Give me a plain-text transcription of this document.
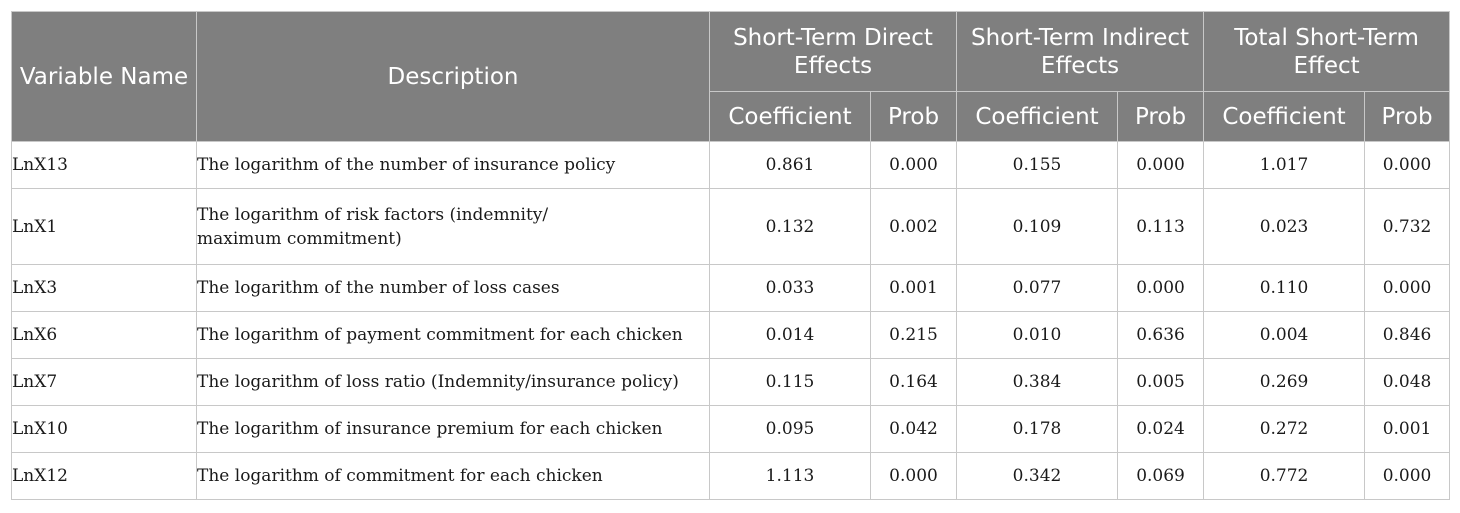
Variable Name	Description	Short-Term Direct Effects		Short-Term Indirect Effects		Total Short-Term Effect	
		Coefficient	Prob	Coefficient	Prob	Coefficient	Prob
LnX13	The logarithm of the number of insurance policy	0.861	0.000	0.155	0.000	1.017	0.000
LnX1	The logarithm of risk factors (indemnity/
maximum commitment)	0.132	0.002	0.109	0.113	0.023	0.732
LnX3	The logarithm of the number of loss cases	0.033	0.001	0.077	0.000	0.110	0.000
LnX6	The logarithm of payment commitment for each chicken	0.014	0.215	0.010	0.636	0.004	0.846
LnX7	The logarithm of loss ratio (Indemnity/insurance policy)	0.115	0.164	0.384	0.005	0.269	0.048
LnX10	The logarithm of insurance premium for each chicken	0.095	0.042	0.178	0.024	0.272	0.001
LnX12	The logarithm of commitment for each chicken	1.113	0.000	0.342	0.069	0.772	0.000
